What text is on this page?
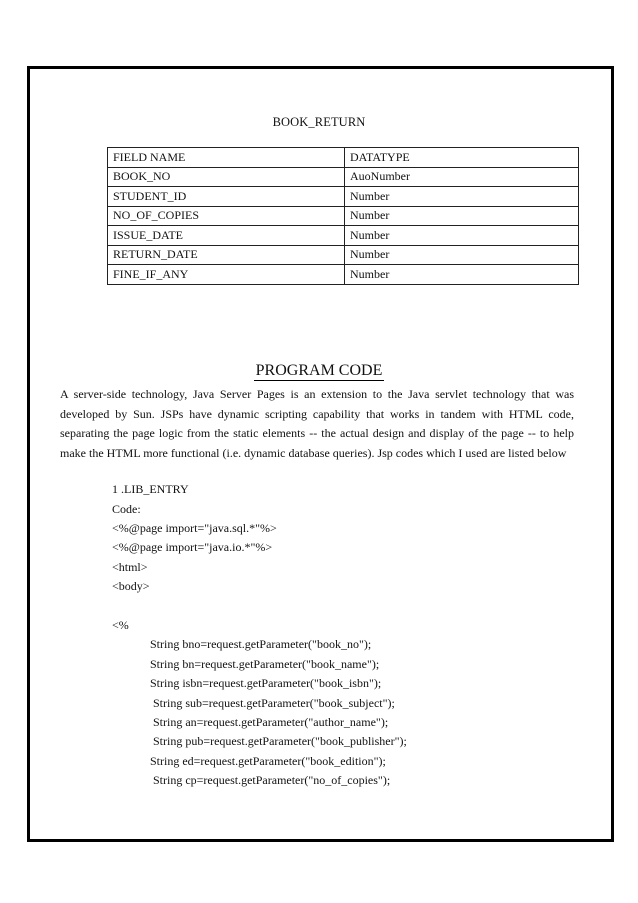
BOOK_RETURN
FIELD NAME	DATATYPE
BOOK_NO	AuoNumber
STUDENT_ID	Number
NO_OF_COPIES	Number
ISSUE_DATE	Number
RETURN_DATE	Number
FINE_IF_ANY	Number
PROGRAM CODE
A server-side technology, Java Server Pages is an extension to the Java servlet technology that was developed by Sun. JSPs have dynamic scripting capability that works in tandem with HTML code, separating the page logic from the static elements -- the actual design and display of the page -- to help make the HTML more functional (i.e. dynamic database queries). Jsp codes which I used are listed below
1 .LIB_ENTRY
Code:
<%@page import="java.sql.*"%>
<%@page import="java.io.*"%>
<html>
<body>
<%
String bno=request.getParameter("book_no");
String bn=request.getParameter("book_name");
String isbn=request.getParameter("book_isbn");
String sub=request.getParameter("book_subject");
String an=request.getParameter("author_name");
String pub=request.getParameter("book_publisher");
String ed=request.getParameter("book_edition");
String cp=request.getParameter("no_of_copies");
